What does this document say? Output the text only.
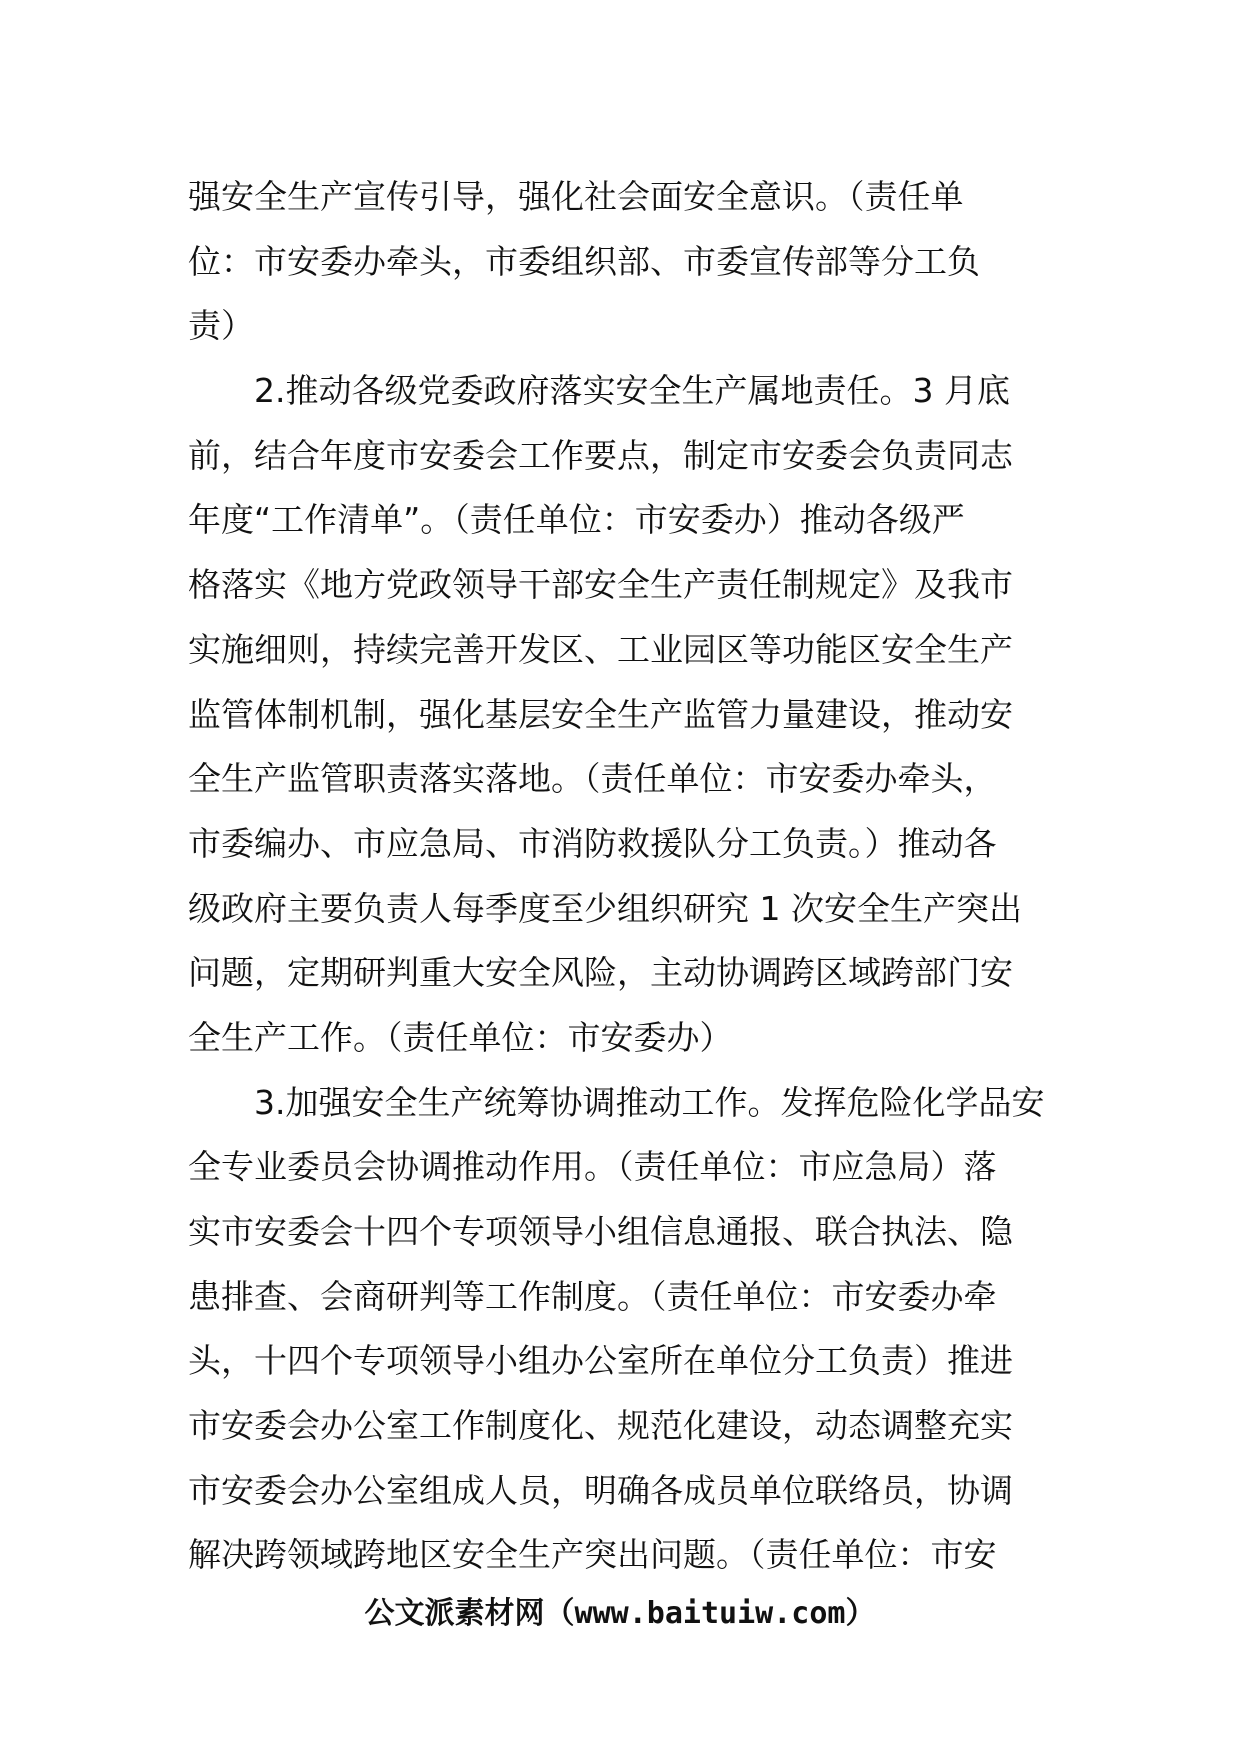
强安全生产宣传引导，强化社会面安全意识。（责任单
位：市安委办牵头，市委组织部、市委宣传部等分工负
责）
2.推动各级党委政府落实安全生产属地责任。3 月底
前，结合年度市安委会工作要点，制定市安委会负责同志
年度“工作清单”。（责任单位：市安委办）推动各级严
格落实《地方党政领导干部安全生产责任制规定》及我市
实施细则，持续完善开发区、工业园区等功能区安全生产
监管体制机制，强化基层安全生产监管力量建设，推动安
全生产监管职责落实落地。（责任单位：市安委办牵头，
市委编办、市应急局、市消防救援队分工负责。）推动各
级政府主要负责人每季度至少组织研究 1 次安全生产突出
问题，定期研判重大安全风险，主动协调跨区域跨部门安
全生产工作。（责任单位：市安委办）
3.加强安全生产统筹协调推动工作。发挥危险化学品安
全专业委员会协调推动作用。（责任单位：市应急局）落
实市安委会十四个专项领导小组信息通报、联合执法、隐
患排查、会商研判等工作制度。（责任单位：市安委办牵
头，十四个专项领导小组办公室所在单位分工负责）推进
市安委会办公室工作制度化、规范化建设，动态调整充实
市安委会办公室组成人员，明确各成员单位联络员，协调
解决跨领域跨地区安全生产突出问题。（责任单位：市安
公文派素材网（www.baituiw.com）
